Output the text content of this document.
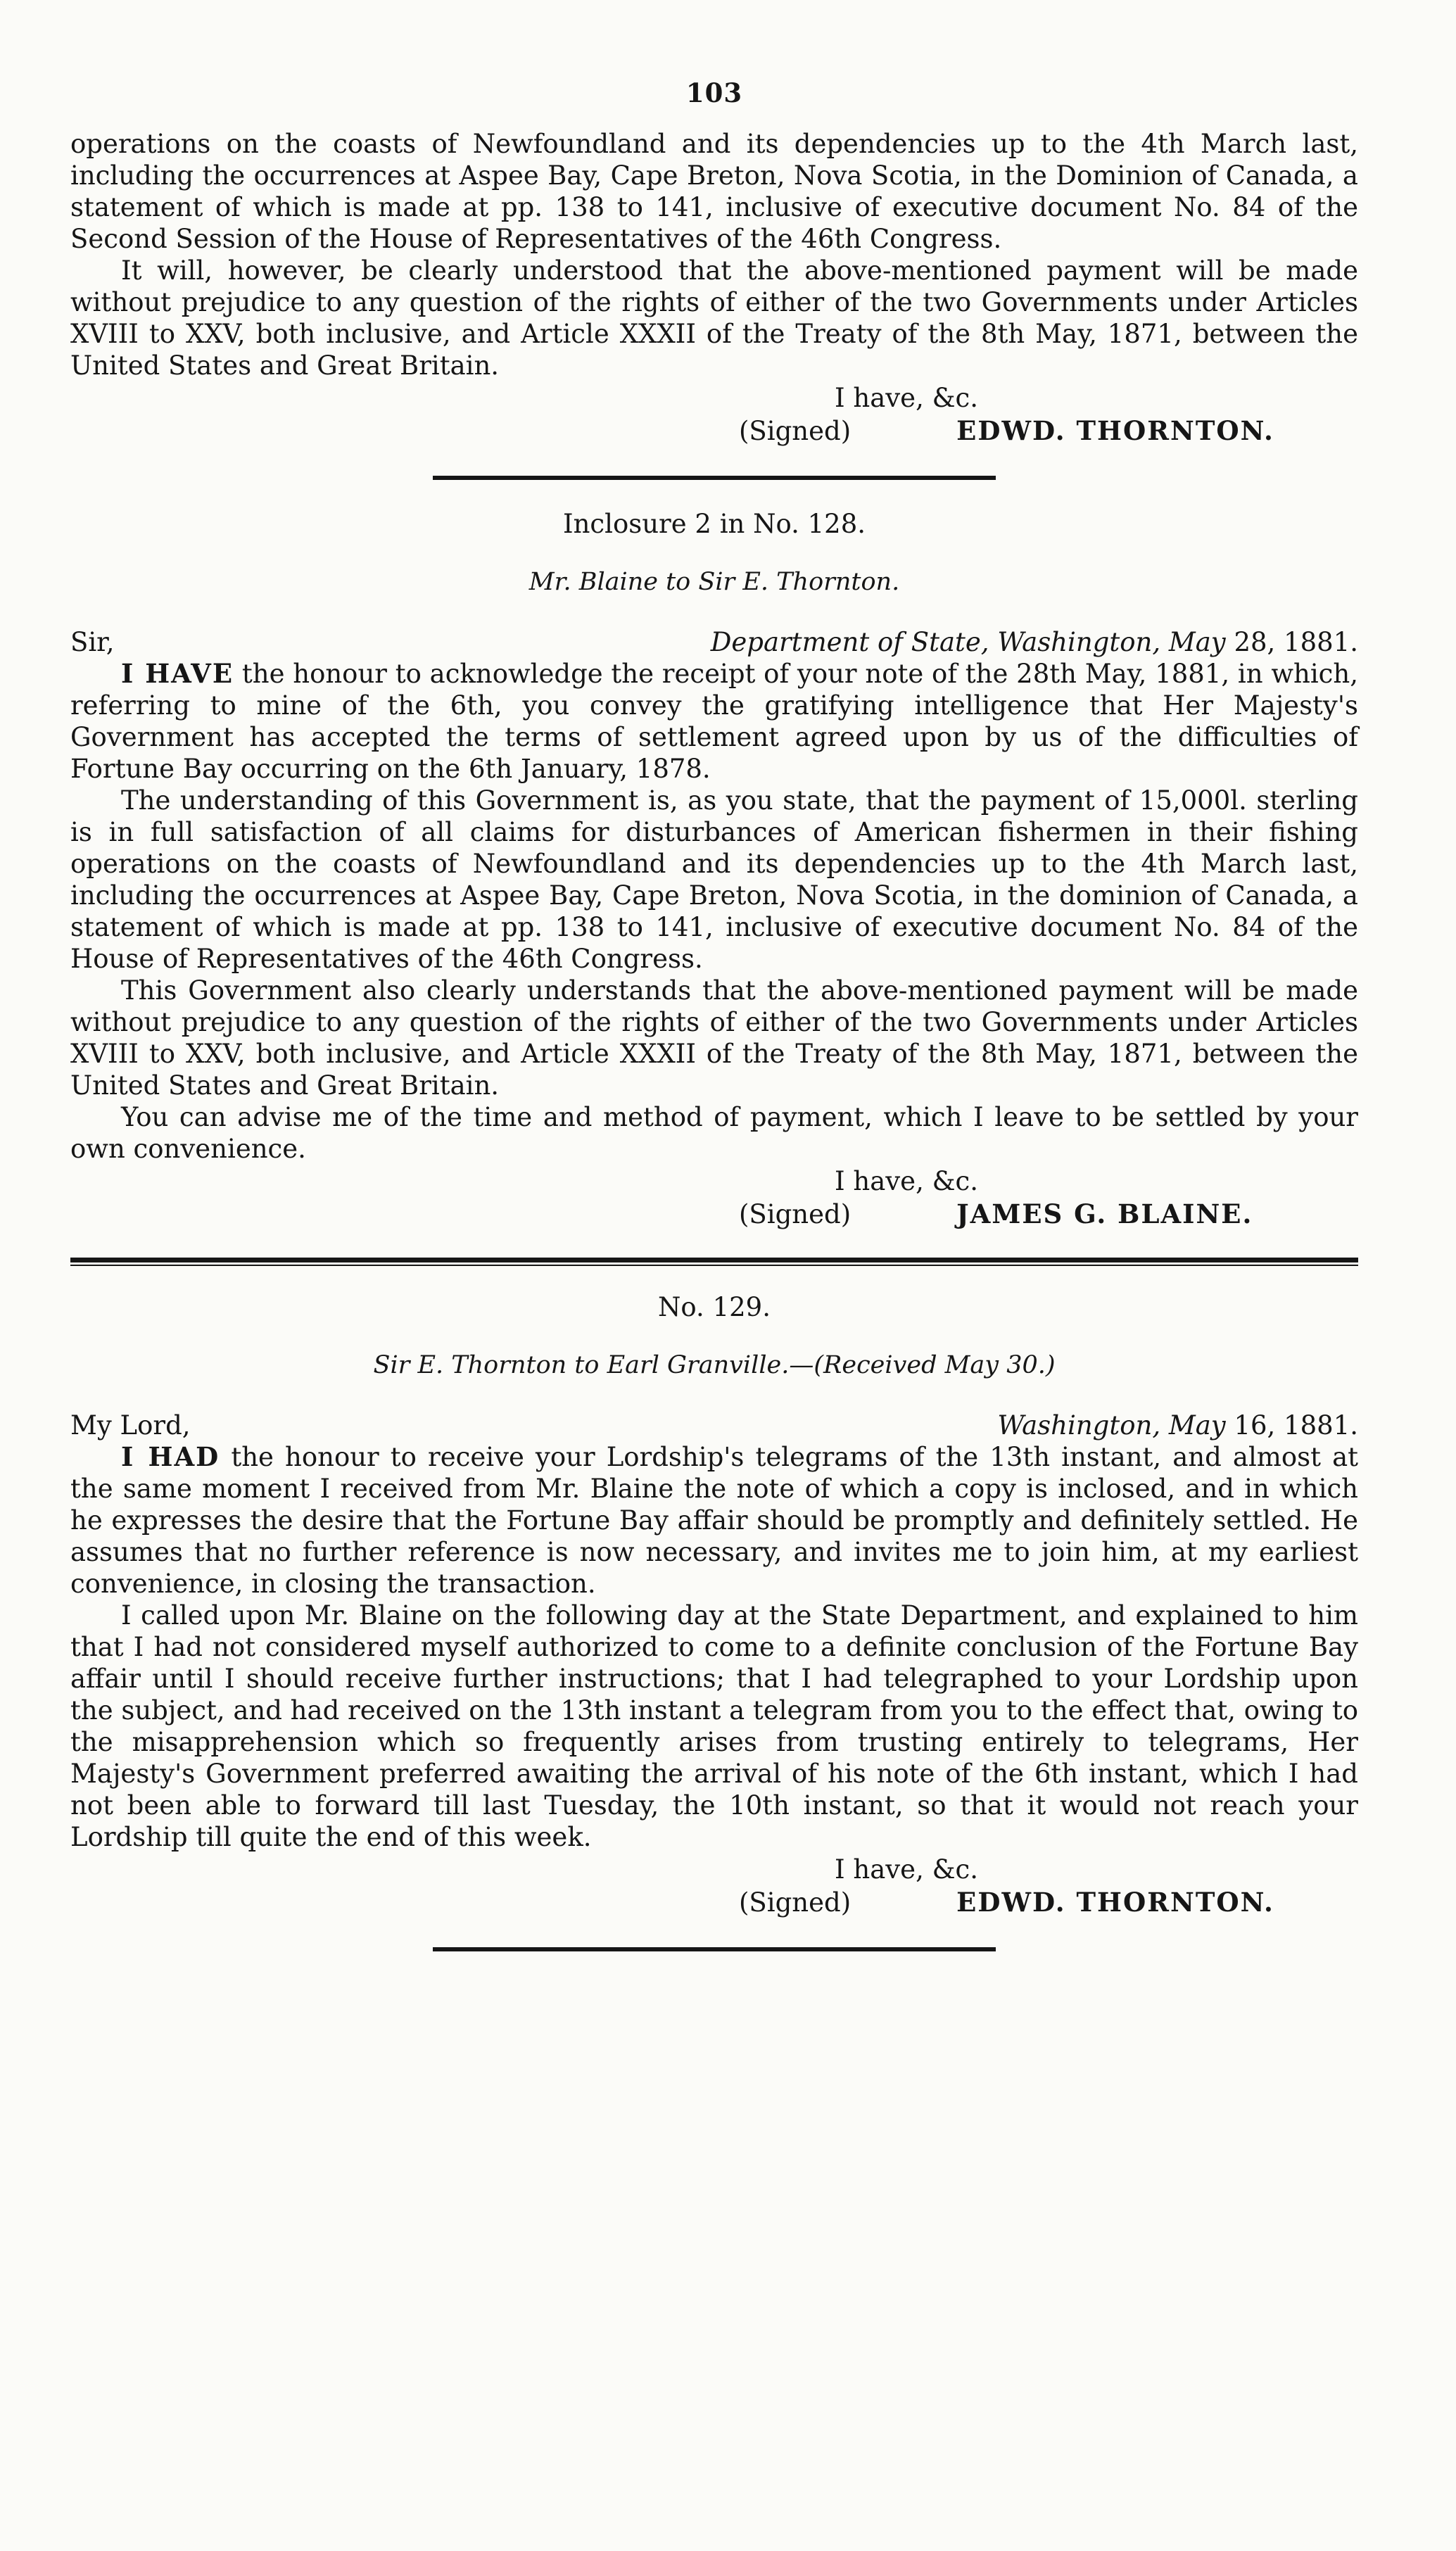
103

operations on the coasts of Newfoundland and its dependencies up to the 4th March last, including the occurrences at Aspee Bay, Cape Breton, Nova Scotia, in the Dominion of Canada, a statement of which is made at pp. 138 to 141, inclusive of executive document No. 84 of the Second Session of the House of Representatives of the 46th Congress.

It will, however, be clearly understood that the above-mentioned payment will be made without prejudice to any question of the rights of either of the two Governments under Articles XVIII to XXV, both inclusive, and Article XXXII of the Treaty of the 8th May, 1871, between the United States and Great Britain.

I have, &c.
(Signed)	EDWD. THORNTON.
Inclosure 2 in No. 128.
Mr. Blaine to Sir E. Thornton.
Sir,	Department of State, Washington, May 28, 1881.

I HAVE the honour to acknowledge the receipt of your note of the 28th May, 1881, in which, referring to mine of the 6th, you convey the gratifying intelligence that Her Majesty's Government has accepted the terms of settlement agreed upon by us of the difficulties of Fortune Bay occurring on the 6th January, 1878.

The understanding of this Government is, as you state, that the payment of 15,000l. sterling is in full satisfaction of all claims for disturbances of American fishermen in their fishing operations on the coasts of Newfoundland and its dependencies up to the 4th March last, including the occurrences at Aspee Bay, Cape Breton, Nova Scotia, in the dominion of Canada, a statement of which is made at pp. 138 to 141, inclusive of executive document No. 84 of the House of Representatives of the 46th Congress.

This Government also clearly understands that the above-mentioned payment will be made without prejudice to any question of the rights of either of the two Governments under Articles XVIII to XXV, both inclusive, and Article XXXII of the Treaty of the 8th May, 1871, between the United States and Great Britain.

You can advise me of the time and method of payment, which I leave to be settled by your own convenience.

I have, &c.
(Signed)	JAMES G. BLAINE.
No. 129.
Sir E. Thornton to Earl Granville.—(Received May 30.)
My Lord,	Washington, May 16, 1881.

I HAD the honour to receive your Lordship's telegrams of the 13th instant, and almost at the same moment I received from Mr. Blaine the note of which a copy is inclosed, and in which he expresses the desire that the Fortune Bay affair should be promptly and definitely settled. He assumes that no further reference is now necessary, and invites me to join him, at my earliest convenience, in closing the transaction.

I called upon Mr. Blaine on the following day at the State Department, and explained to him that I had not considered myself authorized to come to a definite conclusion of the Fortune Bay affair until I should receive further instructions; that I had telegraphed to your Lordship upon the subject, and had received on the 13th instant a telegram from you to the effect that, owing to the misapprehension which so frequently arises from trusting entirely to telegrams, Her Majesty's Government preferred awaiting the arrival of his note of the 6th instant, which I had not been able to forward till last Tuesday, the 10th instant, so that it would not reach your Lordship till quite the end of this week.

I have, &c.
(Signed)	EDWD. THORNTON.
